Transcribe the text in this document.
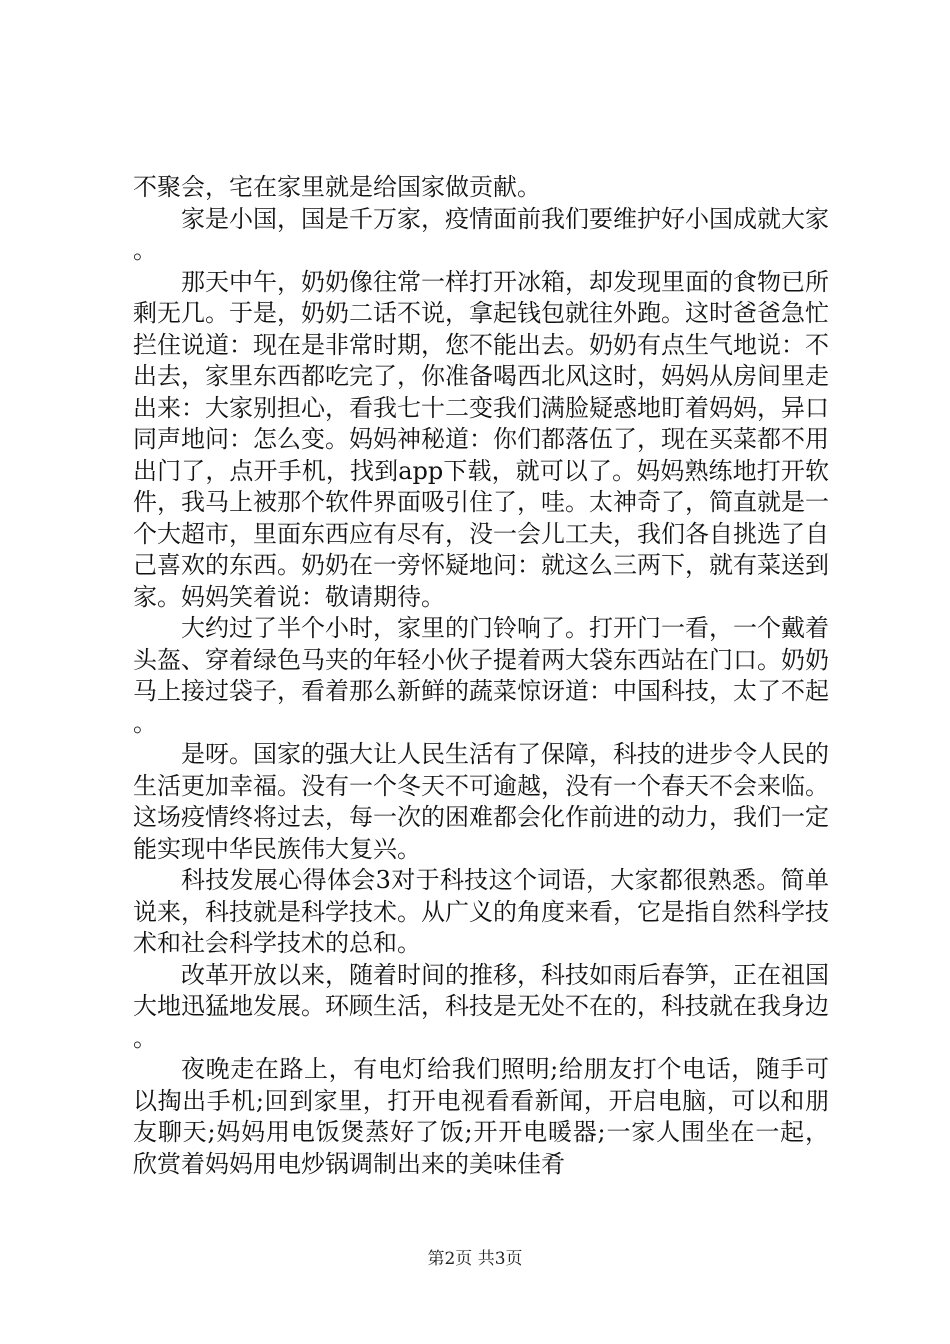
不聚会，宅在家里就是给国家做贡献。

家是小国，国是千万家，疫情面前我们要维护好小国成就大家。

那天中午，奶奶像往常一样打开冰箱，却发现里面的食物已所剩无几。于是，奶奶二话不说，拿起钱包就往外跑。这时爸爸急忙拦住说道：现在是非常时期，您不能出去。奶奶有点生气地说：不出去，家里东西都吃完了，你准备喝西北风这时，妈妈从房间里走出来：大家别担心，看我七十二变我们满脸疑惑地盯着妈妈，异口同声地问：怎么变。妈妈神秘道：你们都落伍了，现在买菜都不用出门了，点开手机，找到app下载，就可以了。妈妈熟练地打开软件，我马上被那个软件界面吸引住了，哇。太神奇了，简直就是一个大超市，里面东西应有尽有，没一会儿工夫，我们各自挑选了自己喜欢的东西。奶奶在一旁怀疑地问：就这么三两下，就有菜送到家。妈妈笑着说：敬请期待。

大约过了半个小时，家里的门铃响了。打开门一看，一个戴着头盔、穿着绿色马夹的年轻小伙子提着两大袋东西站在门口。奶奶马上接过袋子，看着那么新鲜的蔬菜惊讶道：中国科技，太了不起。

是呀。国家的强大让人民生活有了保障，科技的进步令人民的生活更加幸福。没有一个冬天不可逾越，没有一个春天不会来临。这场疫情终将过去，每一次的困难都会化作前进的动力，我们一定能实现中华民族伟大复兴。

科技发展心得体会3对于科技这个词语，大家都很熟悉。简单说来，科技就是科学技术。从广义的角度来看，它是指自然科学技术和社会科学技术的总和。

改革开放以来，随着时间的推移，科技如雨后春笋，正在祖国大地迅猛地发展。环顾生活，科技是无处不在的，科技就在我身边。

夜晚走在路上，有电灯给我们照明;给朋友打个电话，随手可以掏出手机;回到家里，打开电视看看新闻，开启电脑，可以和朋友聊天;妈妈用电饭煲蒸好了饭;开开电暖器;一家人围坐在一起，欣赏着妈妈用电炒锅调制出来的美味佳肴

第2页 共3页
